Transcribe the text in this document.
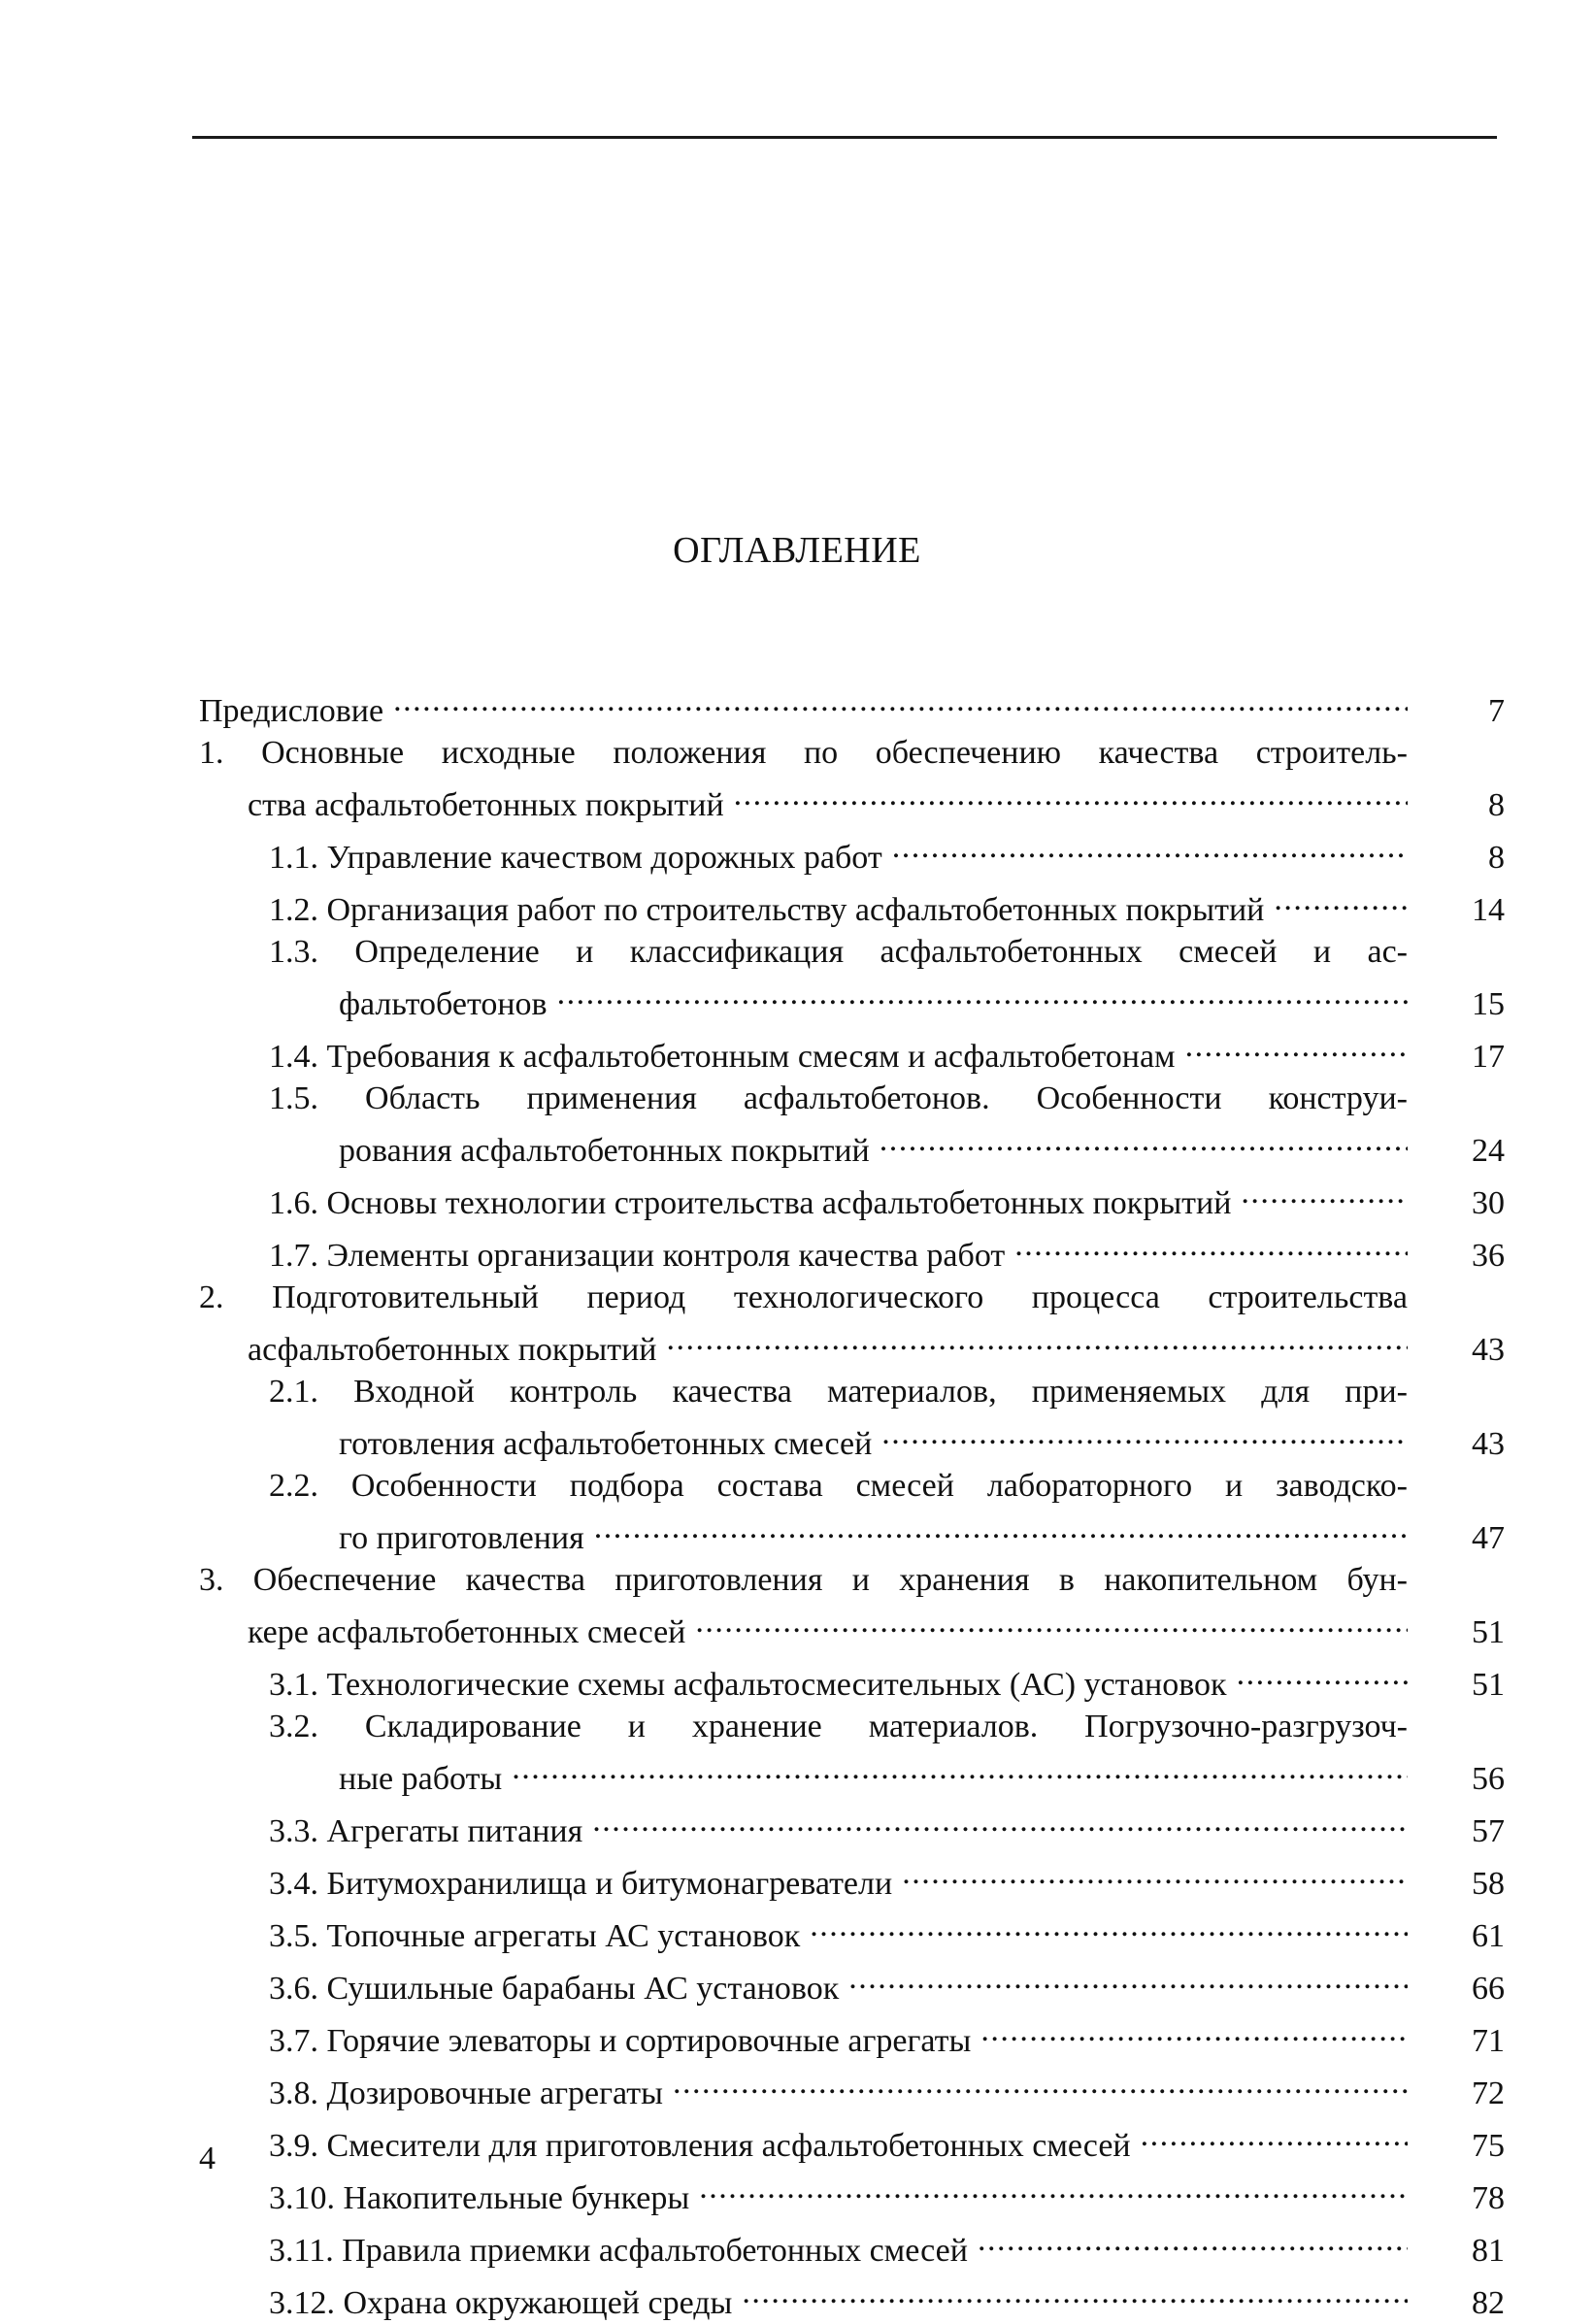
ОГЛАВЛЕНИЕ
Предисловие .....	7
1. Основные исходные положения по обеспечению качества строитель-
ства асфальтобетонных покрытий .....	8
1.1. Управление качеством дорожных работ .....	8
1.2. Организация работ по строительству асфальтобетонных покрытий .....	14
1.3. Определение и классификация асфальтобетонных смесей и ас-
фальтобетонов .....	15
1.4. Требования к асфальтобетонным смесям и асфальтобетонам .....	17
1.5. Область применения асфальтобетонов. Особенности конструи-
рования асфальтобетонных покрытий .....	24
1.6. Основы технологии строительства асфальтобетонных покрытий .....	30
1.7. Элементы организации контроля качества работ .....	36
2. Подготовительный период технологического процесса строительства
асфальтобетонных покрытий .....	43
2.1. Входной контроль качества материалов, применяемых для при-
готовления асфальтобетонных смесей .....	43
2.2. Особенности подбора состава смесей лабораторного и заводско-
го приготовления .....	47
3. Обеспечение качества приготовления и хранения в накопительном бун-
кере асфальтобетонных смесей .....	51
3.1. Технологические схемы асфальтосмесительных (АС) установок .....	51
3.2. Складирование и хранение материалов. Погрузочно-разгрузоч-
ные работы .....	56
3.3. Агрегаты питания .....	57
3.4. Битумохранилища и битумонагреватели .....	58
3.5. Топочные агрегаты АС установок .....	61
3.6. Сушильные барабаны АС установок .....	66
3.7. Горячие элеваторы и сортировочные агрегаты .....	71
3.8. Дозировочные агрегаты .....	72
3.9. Смесители для приготовления асфальтобетонных смесей .....	75
3.10. Накопительные бункеры .....	78
3.11. Правила приемки асфальтобетонных смесей .....	81
3.12. Охрана окружающей среды .....	82
4
